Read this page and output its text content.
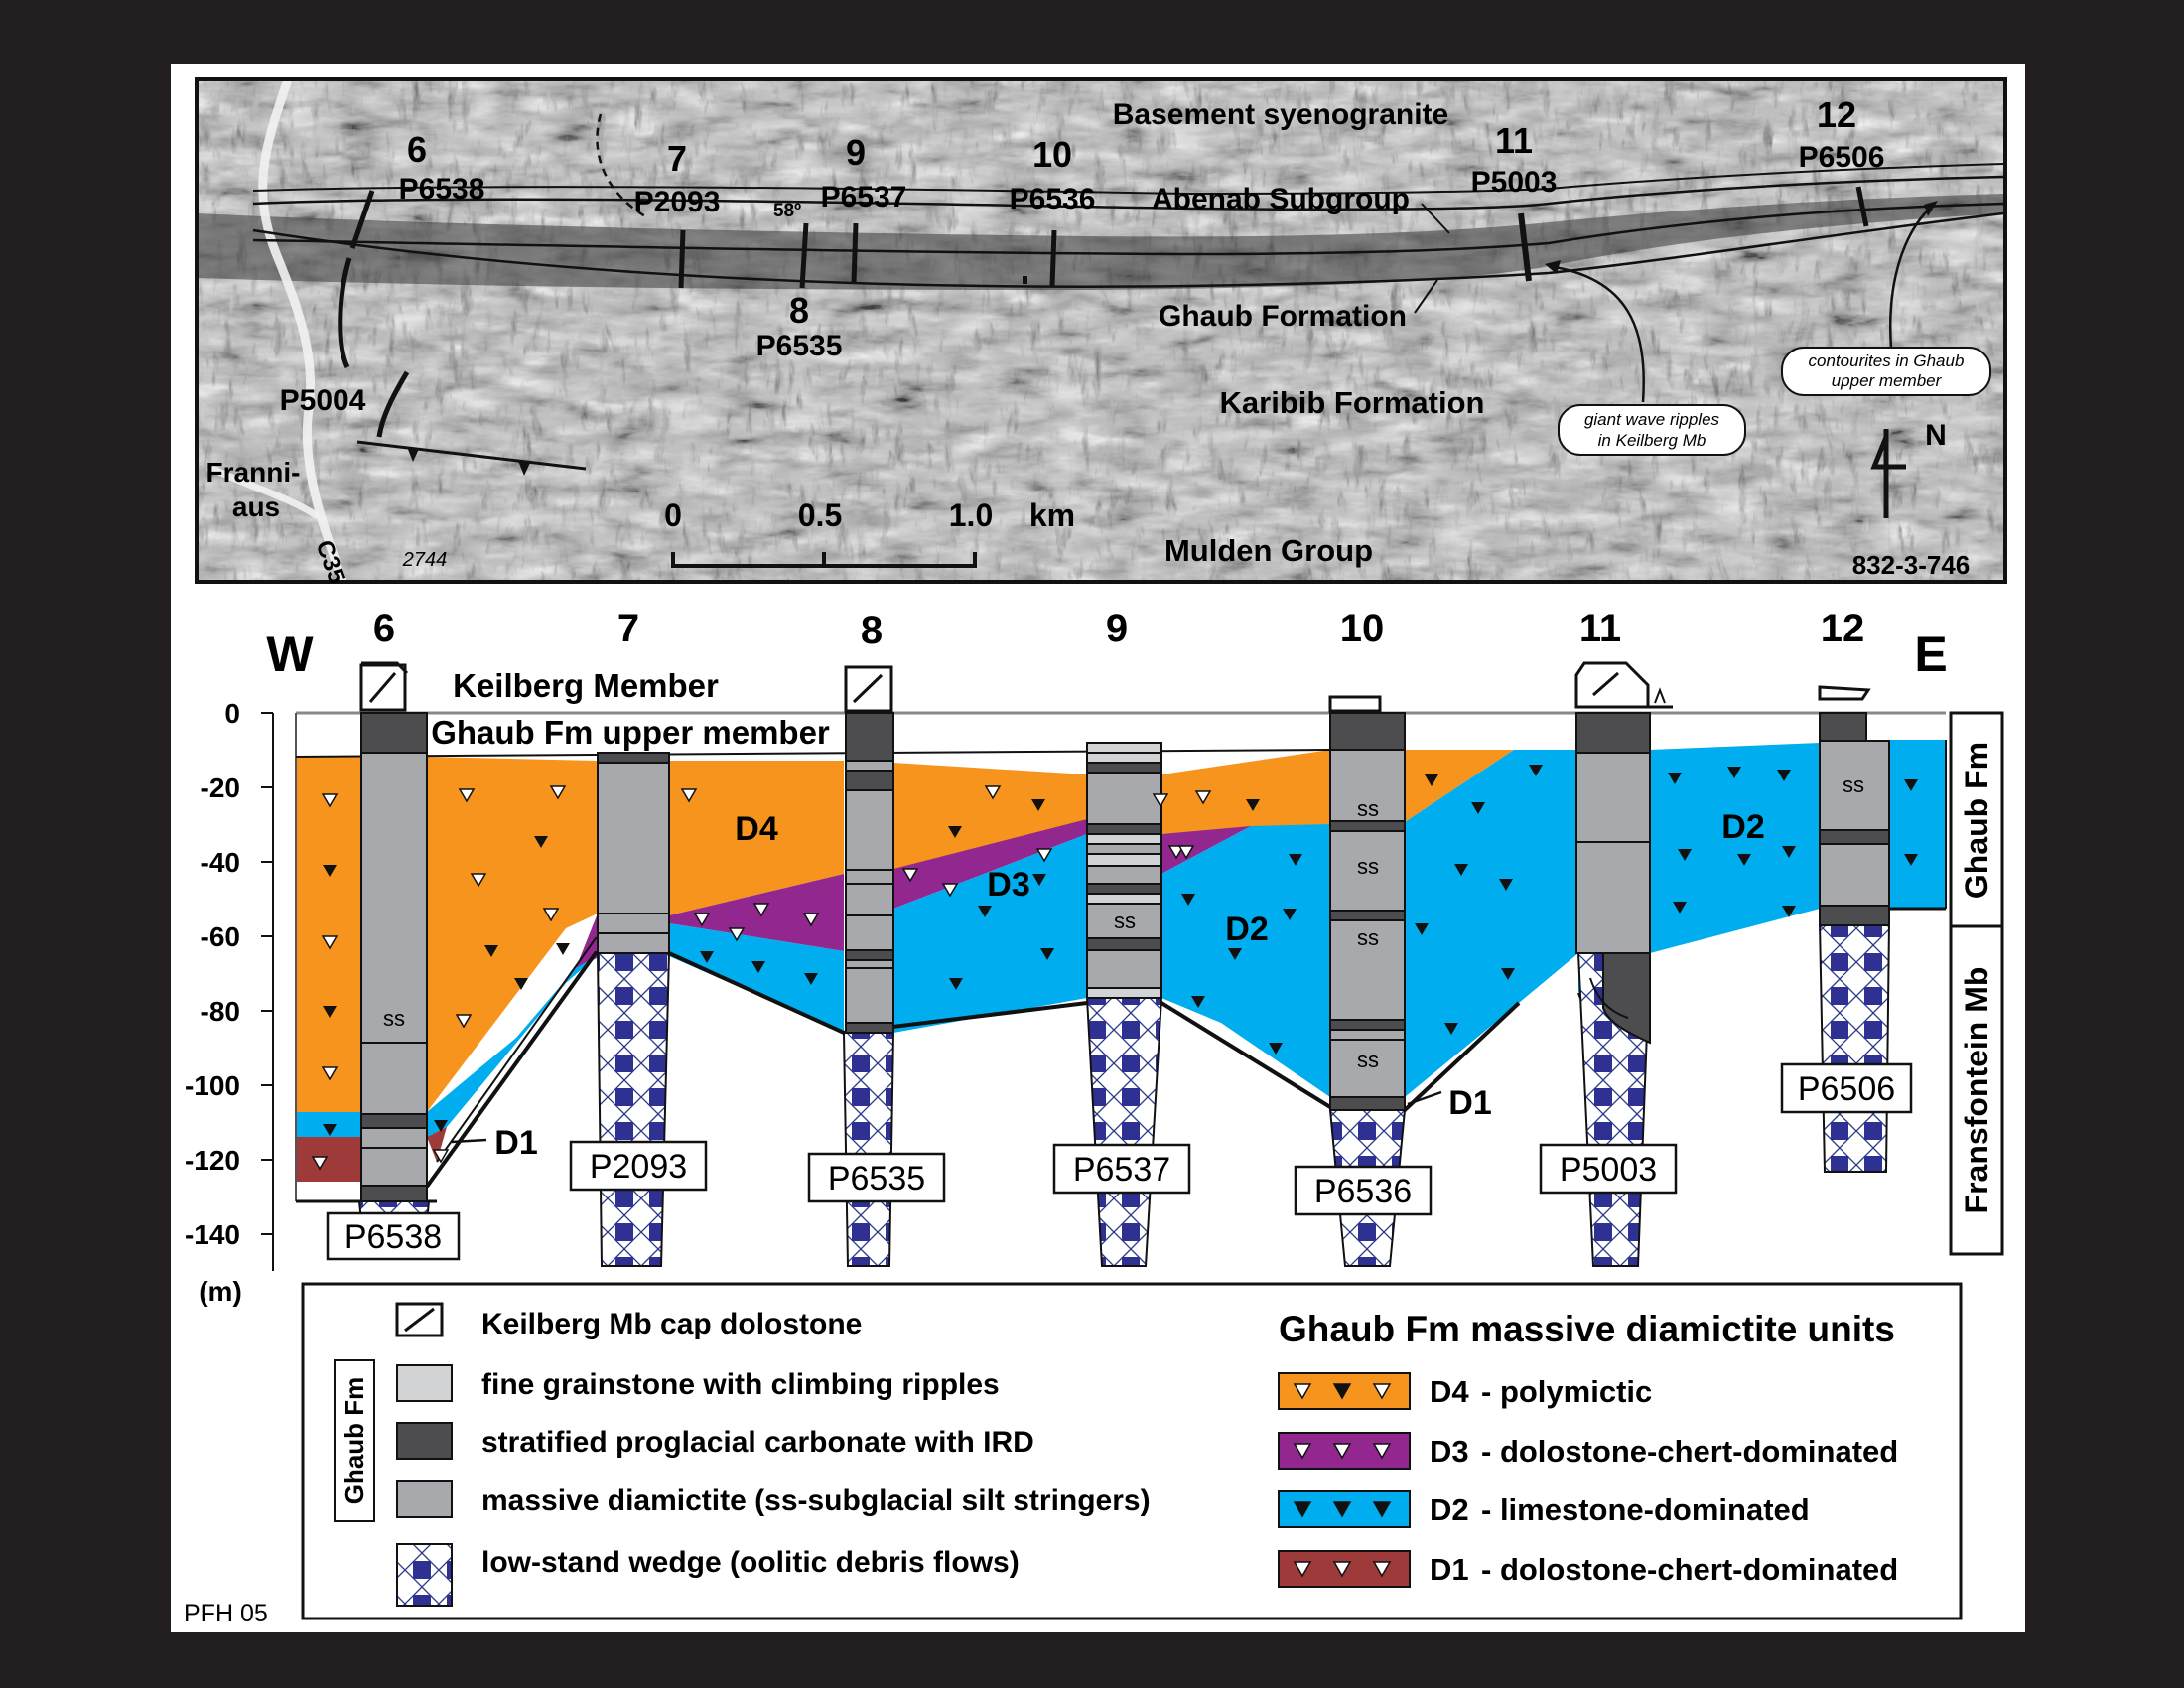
Basement syenogranite
Abenab Subgroup
Ghaub Formation
Karibib Formation
Mulden Group
Franni-
aus
C35	2744
58º
832-3-746
N
6
P6538
7
P2093
8
P6535
9
P6537
10
P6536
11
P5003
12
P6506
P5004
giant wave ripples
in Keilberg Mb
contourites in Ghaub
upper member
0	0.5	1.0 km
0
-20
-40
-60
-80
-100
-120
-140
W	E
Keilberg Member
Ghaub Fm upper member
(m)
6	7	8	9	10	11	12
P6538
P2093	P6535	P6537
P6536
P5003
P6506
D4
D3
D2
D2
D1
D1
ss
ss
ss
ss
ss
ss
ss	Ghaub Fm
Fransfontein Mb
Ghaub Fm
Keilberg Mb cap dolostone
fine grainstone with climbing ripples
stratified proglacial carbonate with IRD
massive diamictite (ss-subglacial silt stringers)
low-stand wedge (oolitic debris flows)
Ghaub Fm massive diamictite units
D4 - polymictic
D3 - dolostone-chert-dominated
D2 - limestone-dominated
D1 - dolostone-chert-dominated
PFH 05
